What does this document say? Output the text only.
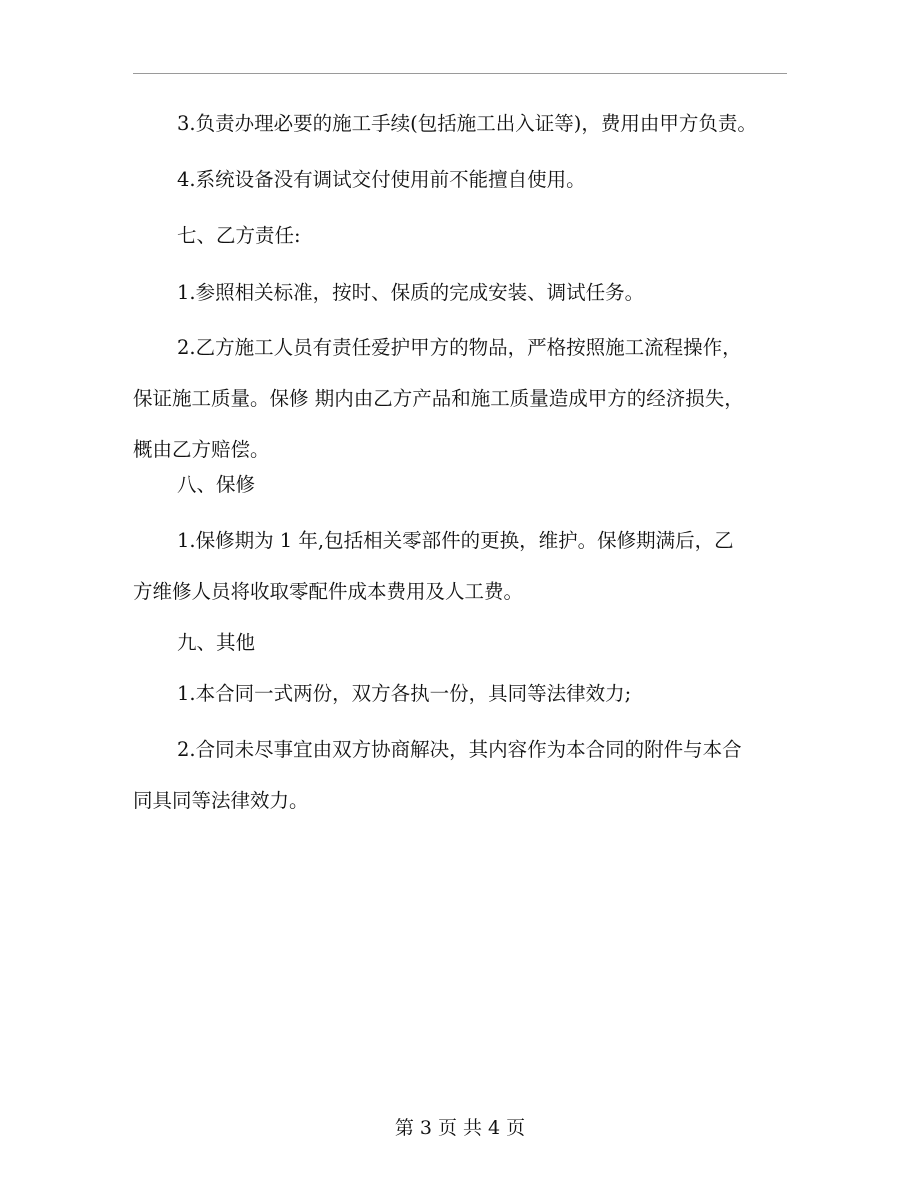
3.负责办理必要的施工手续(包括施工出入证等)，费用由甲方负责。
4.系统设备没有调试交付使用前不能擅自使用。
七、乙方责任:
1.参照相关标准，按时、保质的完成安装、调试任务。
2.乙方施工人员有责任爱护甲方的物品，严格按照施工流程操作，
保证施工质量。保修 期内由乙方产品和施工质量造成甲方的经济损失，
概由乙方赔偿。
八、保修
1.保修期为 1 年,包括相关零部件的更换，维护。保修期满后，乙
方维修人员将收取零配件成本费用及人工费。
九、其他
1.本合同一式两份，双方各执一份，具同等法律效力;
2.合同未尽事宜由双方协商解决，其内容作为本合同的附件与本合
同具同等法律效力。
第 3 页 共 4 页
